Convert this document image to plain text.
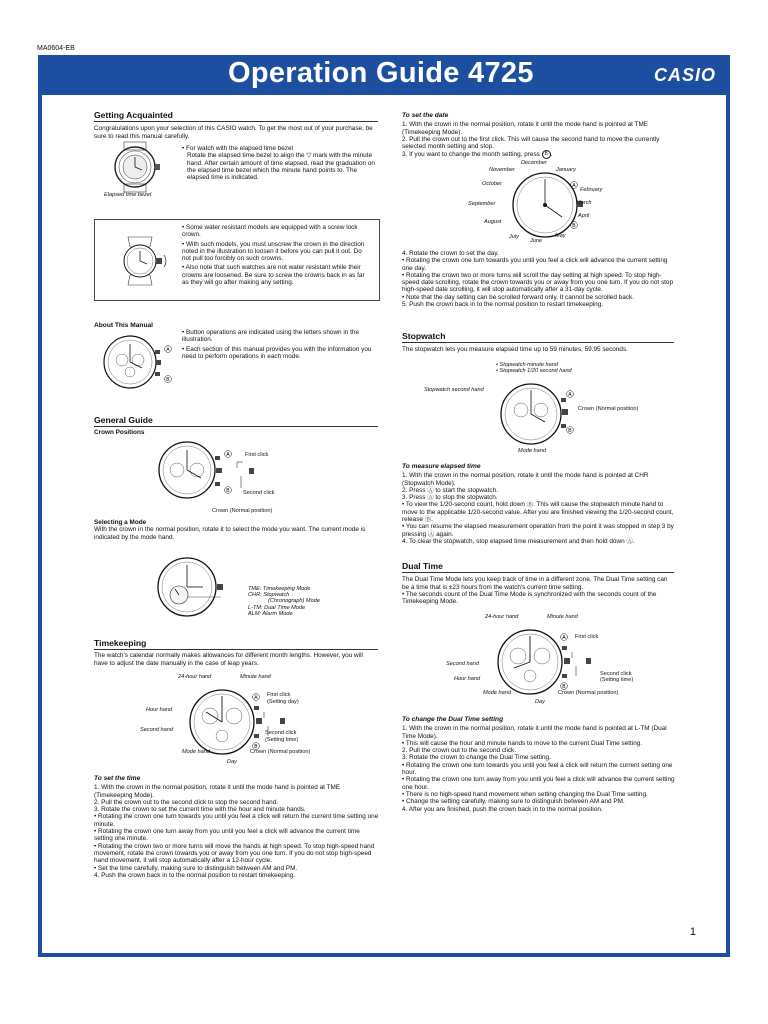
MA0604-EB
Operation Guide 4725	CASIO
Getting Acquainted

Congratulations upon your selection of this CASIO watch. To get the most out of your purchase, be sure to read this manual carefully.

Elapsed time bezel

• For watch with the elapsed time bezel

Rotate the elapsed time bezel to align the ▽ mark with the minute hand. After certain amount of time elapsed, read the graduation on the elapsed time bezel which the minute hand points to. The elapsed time is indicated.

• Some water resistant models are equipped with a screw lock crown.

• With such models, you must unscrew the crown in the direction noted in the illustration to loosen it before you can pull it out. Do not pull too forcibly on such crowns.

• Also note that such watches are not water resistant while their crowns are loosened. Be sure to screw the crowns back in as far as they will go after making any setting.

About This Manual
A
B

• Button operations are indicated using the letters shown in the illustration.

• Each section of this manual provides you with the information you need to perform operations in each mode.

General Guide

Crown Positions

A
B
First click
Second click
Crown (Normal position)

Selecting a Mode

With the crown in the normal position, rotate it to select the mode you want. The current mode is indicated by the mode hand.

TME: Timekeeping Mode
CHR: Stopwatch
(Chronograph) Mode
L-TM: Dual Time Mode
ALM: Alarm Mode
Timekeeping

The watch's calendar normally makes allowances for different month lengths. However, you will have to adjust the date manually in the case of leap years.

A
B
24-hour hand	Minute hand
First click
(Setting day)
Hour hand
Second hand	Second click
(Setting time)
Mode hand	Crown (Normal position)
Day
To set the time
1. With the crown in the normal position, rotate it until the mode hand is pointed at TME (Timekeeping Mode).
2. Pull the crown out to the second click to stop the second hand.
3. Rotate the crown to set the current time with the hour and minute hands.
• Rotating the crown one turn towards you until you feel a click will return the current time setting one minute.
• Rotating the crown one turn away from you until you feel a click will advance the current time setting one minute.
• Rotating the crown two or more turns will move the hands at high speed. To stop high-speed hand movement, rotate the crown towards you or away from you one turn. If you do not stop high-speed hand movement, it will stop automatically after a 12-hour cycle.
• Set the time carefully, making sure to distinguish between AM and PM.
4. Push the crown back in to the normal position to restart timekeeping.
To set the date
1. With the crown in the normal position, rotate it until the mode hand is pointed at TME (Timekeeping Mode).
2. Pull the crown out to the first click. This will cause the second hand to move the currently selected month setting and stop.
3. If you want to change the month setting, press B .
A
B
December
January
November
October
February
March
September
April
August
July
June
May
4. Rotate the crown to set the day.
• Rotating the crown one turn towards you until you feel a click will advance the current setting one day.
• Rotating the crown two or more turns will scroll the day setting at high speed. To stop high-speed date scrolling, rotate the crown towards you or away from you one turn. If you do not stop high-speed date scrolling, it will stop automatically after a 31-day cycle.
• Note that the day setting can be scrolled forward only. It cannot be scrolled back.
5. Push the crown back in to the normal position to restart timekeeping.
Stopwatch

The stopwatch lets you measure elapsed time up to 59 minutes, 59.95 seconds.

• Stopwatch minute hand
• Stopwatch 1/20 second hand
Stopwatch second hand
A
B
Crown (Normal position)
Mode hand
To measure elapsed time
1. With the crown in the normal position, rotate it until the mode hand is pointed at CHR (Stopwatch Mode).
2. Press Ⓐ to start the stopwatch.
3. Press Ⓐ to stop the stopwatch.
• To view the 1/20-second count, hold down Ⓑ. This will cause the stopwatch minute hand to move to the applicable 1/20-second value. After you are finished viewing the 1/20-second count, release Ⓑ.
• You can resume the elapsed measurement operation from the point it was stopped in step 3 by pressing Ⓐ again.
4. To clear the stopwatch, stop elapsed time measurement and then hold down Ⓐ.
Dual Time

The Dual Time Mode lets you keep track of time in a different zone. The Dual Time setting can be a time that is ±23 hours from the watch's current time setting.

• The seconds count of the Dual Time Mode is synchronized with the seconds count of the Timekeeping Mode.

A
B
24-hour hand	Minute hand
First click
Second hand
Hour hand
Second click
(Setting time)
Mode hand	Crown (Normal position)
Day
To change the Dual Time setting
1. With the crown in the normal position, rotate it until the mode hand is pointed at L-TM (Dual Time Mode).
• This will cause the hour and minute hands to move to the current Dual Time setting.
2. Pull the crown out to the second click.
3. Rotate the crown to change the Dual Time setting.
• Rotating the crown one turn towards you until you feel a click will return the current setting one hour.
• Rotating the crown one turn away from you until you feel a click will advance the current setting one hour.
• There is no high-speed hand movement when setting changing the Dual Time setting.
• Change the setting carefully, making sure to distinguish between AM and PM.
4. After you are finished, push the crown back in to the normal position.
1
